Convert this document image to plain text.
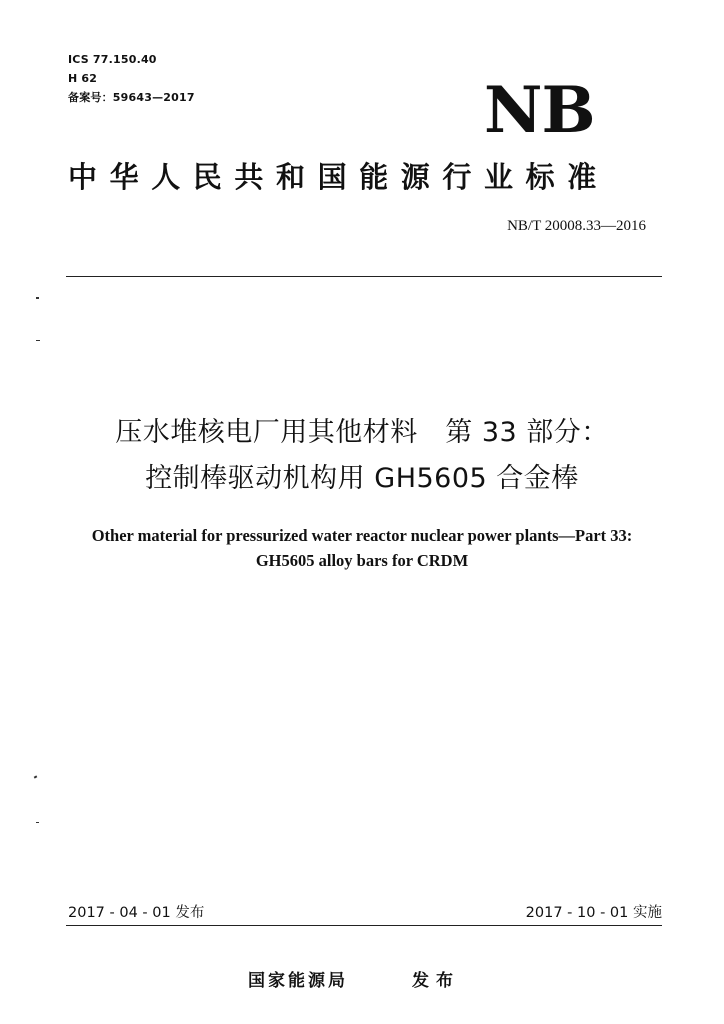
ICS 77.150.40
H 62
备案号：59643—2017	NB
中华人民共和国能源行业标准
NB/T 20008.33—2016
压水堆核电厂用其他材料　第 33 部分：
控制棒驱动机构用 GH5605 合金棒
Other material for pressurized water reactor nuclear power plants—Part 33:
GH5605 alloy bars for CRDM
2017 - 04 - 01 发布	2017 - 10 - 01 实施
国家能源局	发布
